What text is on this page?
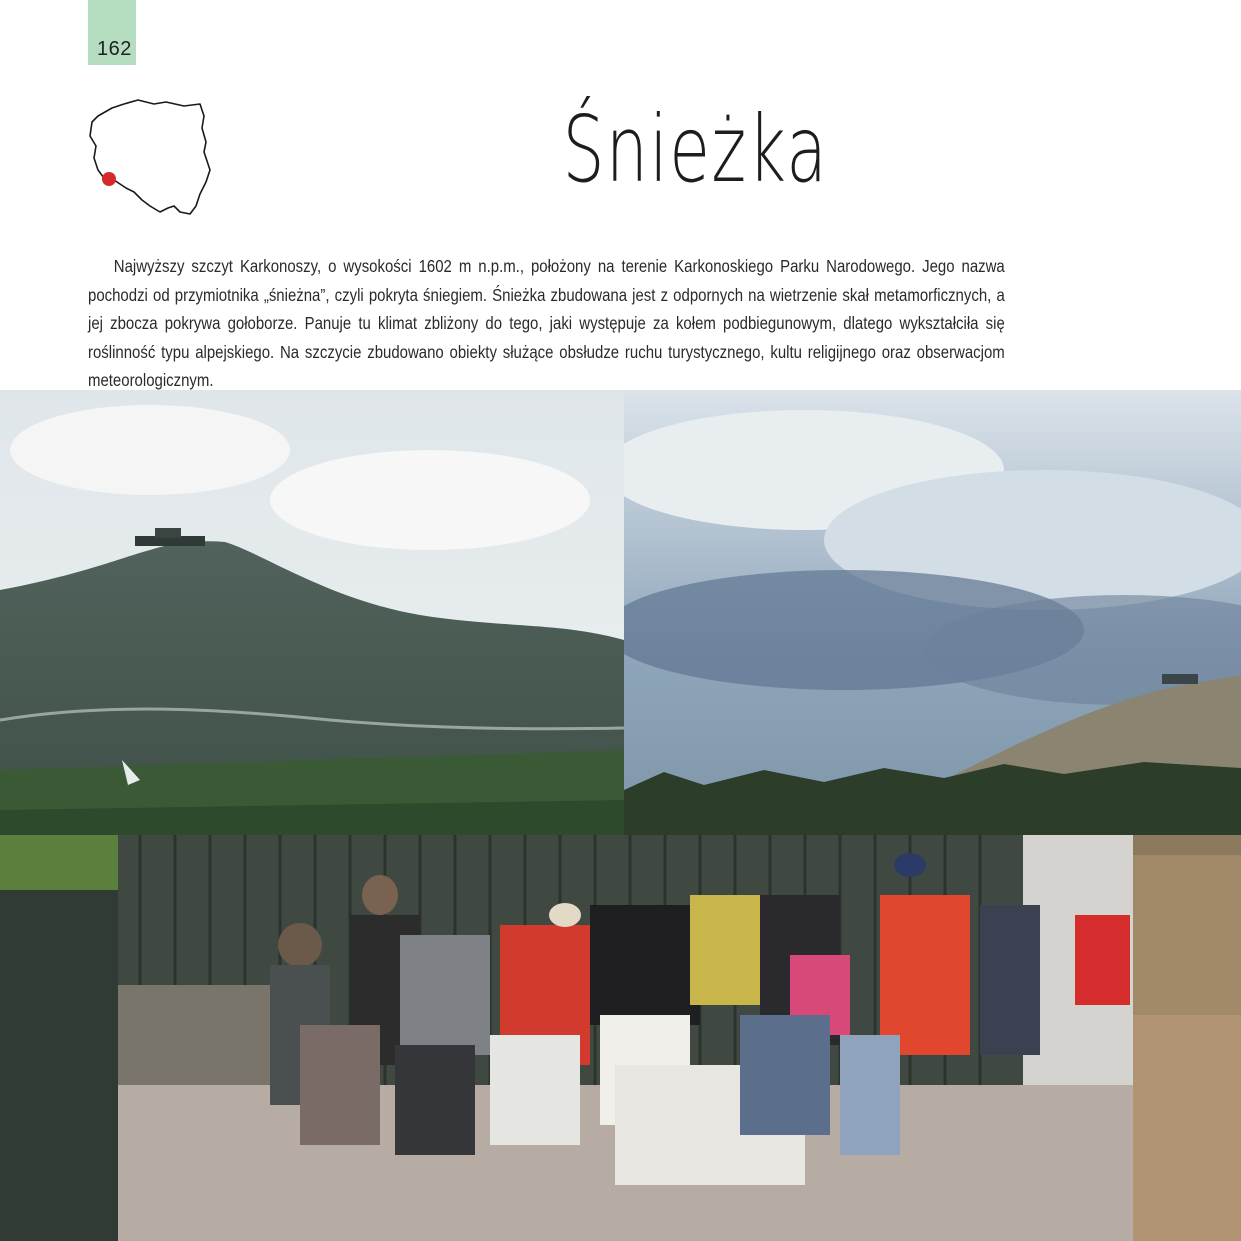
162
Śnieżka

Najwyższy szczyt Karkonoszy, o wysokości 1602 m n.p.m., położony na terenie Karkonoskiego Parku Narodowego. Jego nazwa pochodzi od przymiotnika „śnieżna”, czyli pokryta śniegiem. Śnieżka zbudowana jest z odpornych na wietrzenie skał metamorficznych, a jej zbocza pokrywa gołoborze. Panuje tu klimat zbliżony do tego, jaki występuje za kołem podbiegunowym, dlatego wykształciła się roślinność typu alpejskiego. Na szczycie zbudowano obiekty służące obsłudze ruchu turystycznego, kultu religijnego oraz obserwacjom meteorologicznym.
